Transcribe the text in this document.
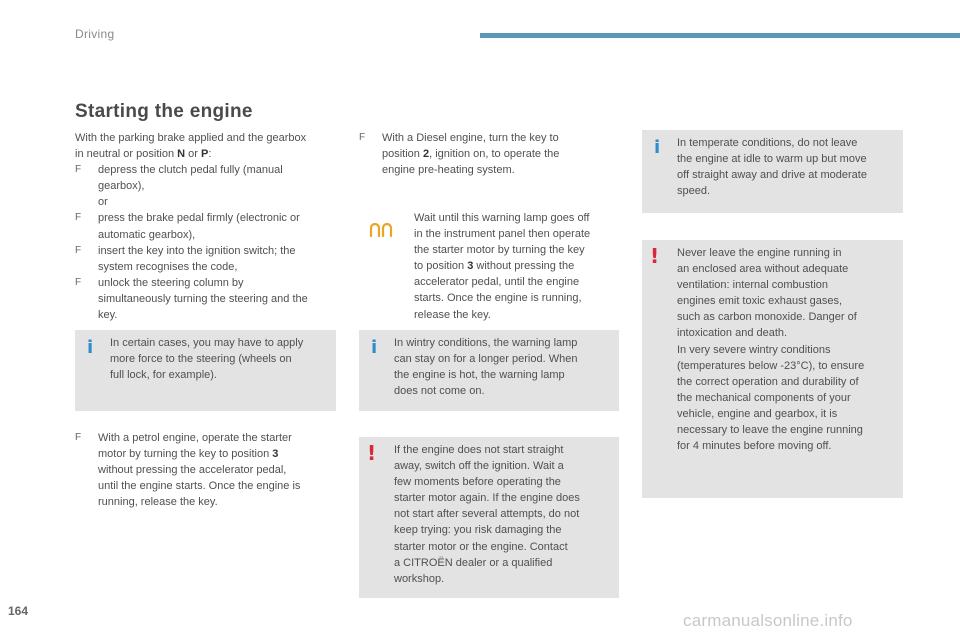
Driving
Starting the engine
With the parking brake applied and the gearbox
in neutral or position N or P:
F depress the clutch pedal fully (manual
gearbox),
or
F press the brake pedal firmly (electronic or
automatic gearbox),
F insert the key into the ignition switch; the
system recognises the code,
F unlock the steering column by
simultaneously turning the steering and the
key.
i In certain cases, you may have to apply
more force to the steering (wheels on
full lock, for example).
F With a petrol engine, operate the starter
motor by turning the key to position 3
without pressing the accelerator pedal,
until the engine starts. Once the engine is
running, release the key.
F With a Diesel engine, turn the key to
position 2, ignition on, to operate the
engine pre-heating system.
Wait until this warning lamp goes off
in the instrument panel then operate
the starter motor by turning the key
to position 3 without pressing the
accelerator pedal, until the engine
starts. Once the engine is running,
release the key.
i In wintry conditions, the warning lamp
can stay on for a longer period. When
the engine is hot, the warning lamp
does not come on.
! If the engine does not start straight
away, switch off the ignition. Wait a
few moments before operating the
starter motor again. If the engine does
not start after several attempts, do not
keep trying: you risk damaging the
starter motor or the engine. Contact
a CITROËN dealer or a qualified
workshop.
i In temperate conditions, do not leave
the engine at idle to warm up but move
off straight away and drive at moderate
speed.
! Never leave the engine running in
an enclosed area without adequate
ventilation: internal combustion
engines emit toxic exhaust gases,
such as carbon monoxide. Danger of
intoxication and death.
In very severe wintry conditions
(temperatures below -23°C), to ensure
the correct operation and durability of
the mechanical components of your
vehicle, engine and gearbox, it is
necessary to leave the engine running
for 4 minutes before moving off.
164	carmanualsonline.info
